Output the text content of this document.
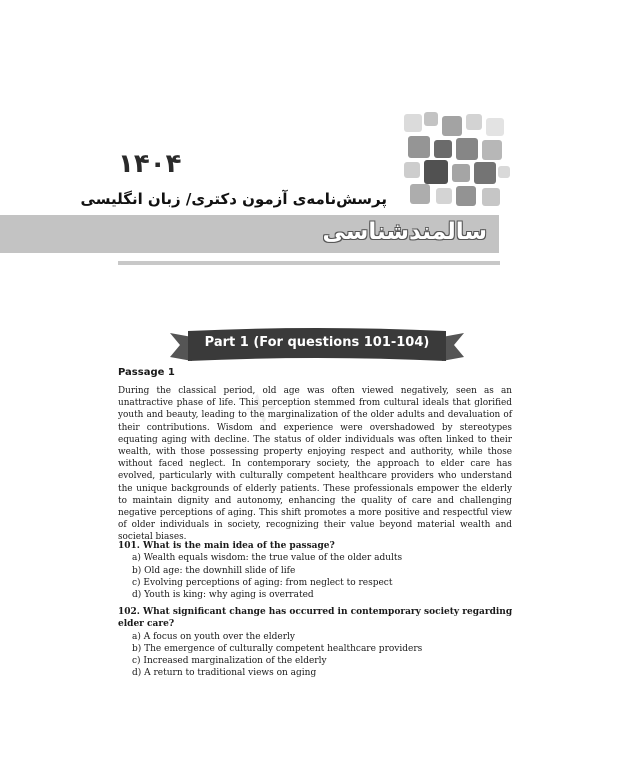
۱۴۰۴
پرسش‌نامه‌ی آزمون دکتری/ زبان انگلیسی
سالمندشناسی
ⅹ
Part 1 (For questions 101-104)
Passage 1

During the classical period, old age was often viewed negatively, seen as an unattractive phase of life. This perception stemmed from cultural ideals that glorified youth and beauty, leading to the marginalization of the older adults and devaluation of their contributions. Wisdom and experience were overshadowed by stereotypes equating aging with decline. The status of older individuals was often linked to their wealth, with those possessing property enjoying respect and authority, while those without faced neglect. In contemporary society, the approach to elder care has evolved, particularly with culturally competent healthcare providers who understand the unique backgrounds of elderly patients. These professionals empower the elderly to maintain dignity and autonomy, enhancing the quality of care and challenging negative perceptions of aging. This shift promotes a more positive and respectful view of older individuals in society, recognizing their value beyond material wealth and societal biases.

101. What is the main idea of the passage?

a) Wealth equals wisdom: the true value of the older adults
b) Old age: the downhill slide of life
c) Evolving perceptions of aging: from neglect to respect
d) Youth is king: why aging is overrated

102. What significant change has occurred in contemporary society regarding elder care?

a) A focus on youth over the elderly
b) The emergence of culturally competent healthcare providers
c) Increased marginalization of the elderly
d) A return to traditional views on aging
